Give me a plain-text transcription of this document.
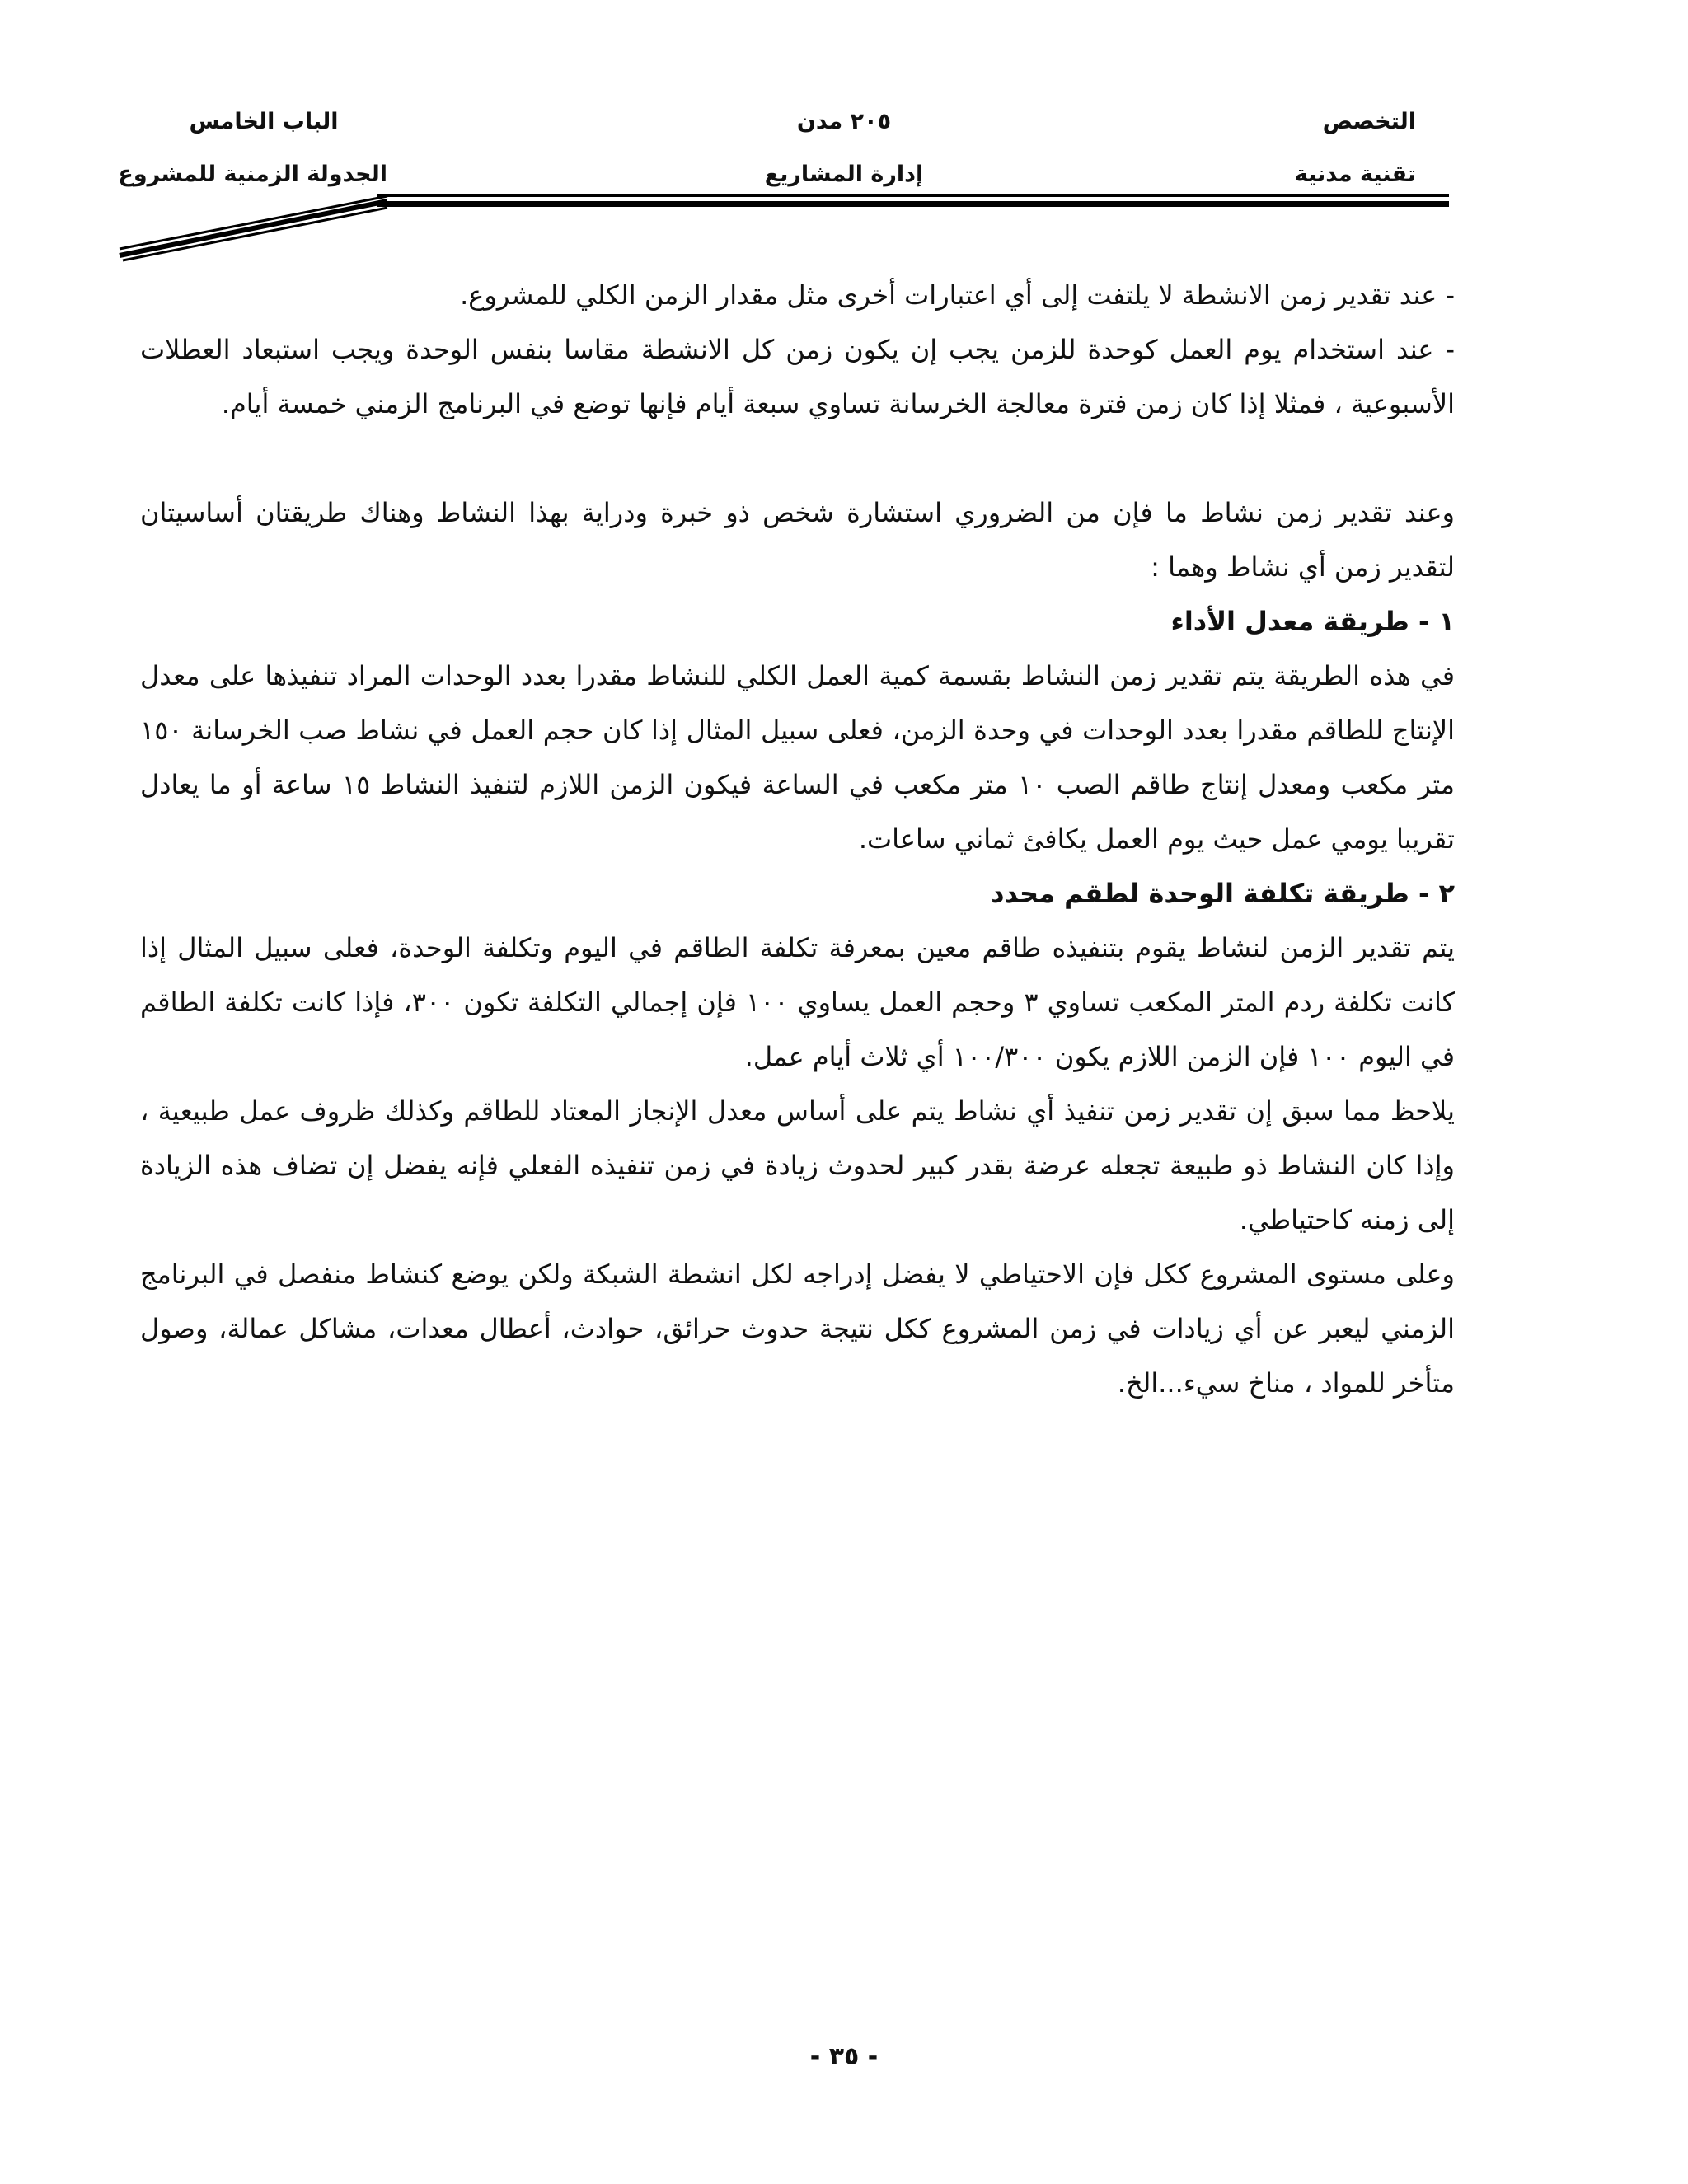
التخصص
٢٠٥ مدن
الباب الخامس
تقنية مدنية
إدارة المشاريع
الجدولة الزمنية للمشروع

- عند تقدير زمن الانشطة لا يلتفت إلى أي اعتبارات أخرى مثل مقدار الزمن الكلي للمشروع.

- عند استخدام يوم العمل كوحدة للزمن يجب إن يكون زمن كل الانشطة مقاسا بنفس الوحدة ويجب استبعاد العطلات الأسبوعية ، فمثلا إذا كان زمن فترة معالجة الخرسانة تساوي سبعة أيام فإنها توضع في البرنامج الزمني خمسة أيام.

وعند تقدير زمن نشاط ما فإن من الضروري استشارة شخص ذو خبرة ودراية بهذا النشاط وهناك طريقتان أساسيتان لتقدير زمن أي نشاط وهما :

١ - طريقة معدل الأداء

في هذه الطريقة يتم تقدير زمن النشاط بقسمة كمية العمل الكلي للنشاط مقدرا بعدد الوحدات المراد تنفيذها على معدل الإنتاج للطاقم مقدرا بعدد الوحدات في وحدة الزمن، فعلى سبيل المثال إذا كان حجم العمل في نشاط صب الخرسانة ١٥٠ متر مكعب ومعدل إنتاج طاقم الصب ١٠ متر مكعب في الساعة فيكون الزمن اللازم لتنفيذ النشاط ١٥ ساعة أو ما يعادل تقريبا يومي عمل حيث يوم العمل يكافئ ثماني ساعات.

٢ - طريقة تكلفة الوحدة لطقم محدد

يتم تقدير الزمن لنشاط يقوم بتنفيذه طاقم معين بمعرفة تكلفة الطاقم في اليوم وتكلفة الوحدة، فعلى سبيل المثال إذا كانت تكلفة ردم المتر المكعب تساوي ٣ وحجم العمل يساوي ١٠٠ فإن إجمالي التكلفة تكون ٣٠٠، فإذا كانت تكلفة الطاقم في اليوم ١٠٠ فإن الزمن اللازم يكون ١٠٠/٣٠٠ أي ثلاث أيام عمل.

يلاحظ مما سبق إن تقدير زمن تنفيذ أي نشاط يتم على أساس معدل الإنجاز المعتاد للطاقم وكذلك ظروف عمل طبيعية ، وإذا كان النشاط ذو طبيعة تجعله عرضة بقدر كبير لحدوث زيادة في زمن تنفيذه الفعلي فإنه يفضل إن تضاف هذه الزيادة إلى زمنه كاحتياطي.

وعلى مستوى المشروع ككل فإن الاحتياطي لا يفضل إدراجه لكل انشطة الشبكة ولكن يوضع كنشاط منفصل في البرنامج الزمني ليعبر عن أي زيادات في زمن المشروع ككل نتيجة حدوث حرائق، حوادث، أعطال معدات، مشاكل عمالة، وصول متأخر للمواد ، مناخ سيء...الخ.

- ٣٥ -
